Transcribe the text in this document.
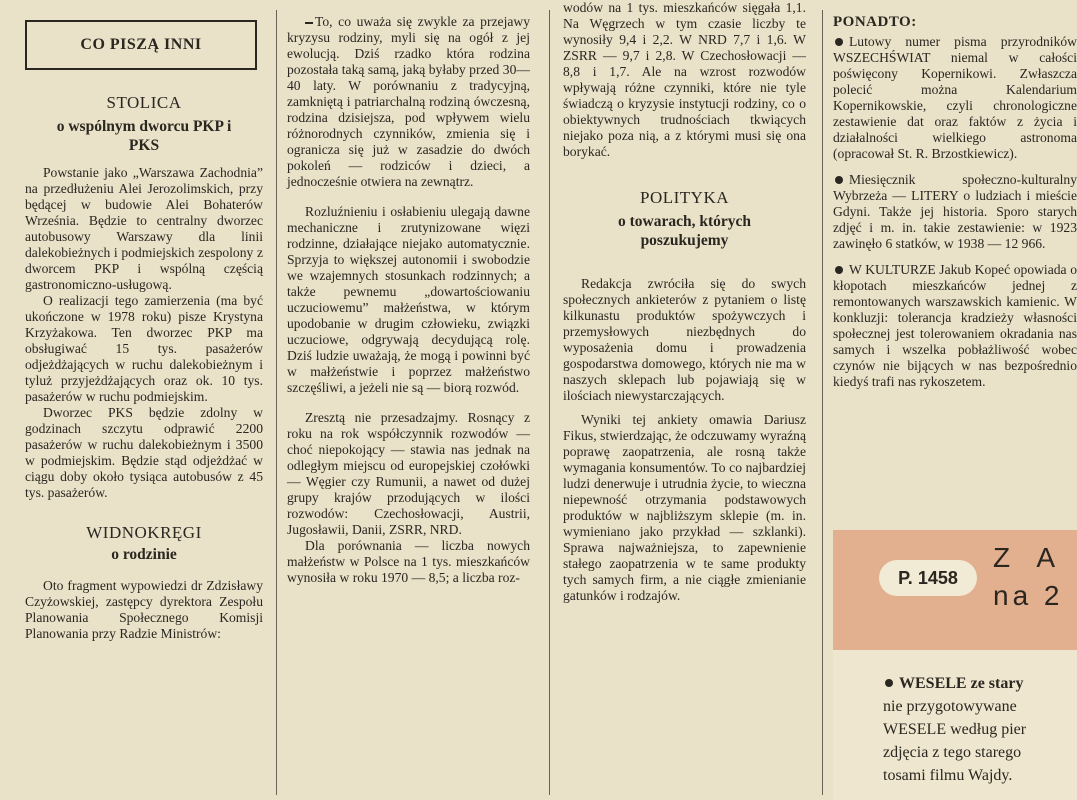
CO PISZĄ INNI
STOLICA
o wspólnym dworcu PKP i PKS

Powstanie jako „Warszawa Zachodnia” na przedłużeniu Alei Jerozolimskich, przy będącej w budowie Alei Bohaterów Września. Będzie to centralny dworzec autobusowy Warszawy dla linii dalekobieżnych i podmiejskich zespolony z dworcem PKP i wspólną częścią gastronomiczno-usługową.

O realizacji tego zamierzenia (ma być ukończone w 1978 roku) pisze Krystyna Krzyżakowa. Ten dworzec PKP ma obsługiwać 15 tys. pasażerów odjeżdżających w ruchu dalekobieżnym i tyluż przyjeżdżających oraz ok. 10 tys. pasażerów w ruchu podmiejskim.

Dworzec PKS będzie zdolny w godzinach szczytu odprawić 2200 pasażerów w ruchu dalekobieżnym i 3500 w podmiejskim. Będzie stąd odjeżdżać w ciągu doby około tysiąca autobusów z 45 tys. pasażerów.

WIDNOKRĘGI
o rodzinie

Oto fragment wypowiedzi dr Zdzisławy Czyżowskiej, zastępcy dyrektora Zespołu Planowania Społecznego Komisji Planowania przy Radzie Ministrów:

To, co uważa się zwykle za przejawy kryzysu rodziny, myli się na ogół z jej ewolucją. Dziś rzadko która rodzina pozostała taką samą, jaką byłaby przed 30—40 laty. W porównaniu z tradycyjną, zamkniętą i patriarchalną rodziną ówczesną, rodzina dzisiejsza, pod wpływem wielu różnorodnych czynników, zmienia się i ogranicza się już w zasadzie do dwóch pokoleń — rodziców i dzieci, a jednocześnie otwiera na zewnątrz.

Rozluźnieniu i osłabieniu ulegają dawne mechaniczne i zrutynizowane więzi rodzinne, działające niejako automatycznie. Sprzyja to większej autonomii i swobodzie we wzajemnych stosunkach rodzinnych; a także pewnemu „dowartościowaniu uczuciowemu” małżeństwa, w którym upodobanie w drugim człowieku, związki uczuciowe, odgrywają decydującą rolę. Dziś ludzie uważają, że mogą i powinni być w małżeństwie i poprzez małżeństwo szczęśliwi, a jeżeli nie są — biorą rozwód.

Zresztą nie przesadzajmy. Rosnący z roku na rok współczynnik rozwodów — choć niepokojący — stawia nas jednak na odległym miejscu od europejskiej czołówki — Węgier czy Rumunii, a nawet od dużej grupy krajów przodujących w ilości rozwodów: Czechosłowacji, Austrii, Jugosławii, Danii, ZSRR, NRD.

Dla porównania — liczba nowych małżeństw w Polsce na 1 tys. mieszkańców wynosiła w roku 1970 — 8,5; a liczba roz-

wodów na 1 tys. mieszkańców sięgała 1,1. Na Węgrzech w tym czasie liczby te wynosiły 9,4 i 2,2. W NRD 7,7 i 1,6. W ZSRR — 9,7 i 2,8. W Czechosłowacji — 8,8 i 1,7. Ale na wzrost rozwodów wpływają różne czynniki, które nie tyle świadczą o kryzysie instytucji rodziny, co o obiektywnych trudnościach tkwiących niejako poza nią, a z którymi musi się ona borykać.

POLITYKA
o towarach, których poszukujemy

Redakcja zwróciła się do swych społecznych ankieterów z pytaniem o listę kilkunastu produktów spożywczych i przemysłowych niezbędnych do wyposażenia domu i prowadzenia gospodarstwa domowego, których nie ma w naszych sklepach lub pojawiają się w ilościach niewystarczających.

Wyniki tej ankiety omawia Dariusz Fikus, stwierdzając, że odczuwamy wyraźną poprawę zaopatrzenia, ale rosną także wymagania konsumentów. To co najbardziej ludzi denerwuje i utrudnia życie, to wieczna niepewność otrzymania podstawowych produktów w najbliższym sklepie (m. in. wymieniano jako przykład — szklanki). Sprawa najważniejsza, to zapewnienie stałego zaopatrzenia w te same produkty tych samych firm, a nie ciągłe zmienianie gatunków i rodzajów.

PONADTO:

Lutowy numer pisma przyrodników WSZECHŚWIAT niemal w całości poświęcony Kopernikowi. Zwłaszcza polecić można Kalendarium Kopernikowskie, czyli chronologiczne zestawienie dat oraz faktów z życia i działalności wielkiego astronoma (opracował St. R. Brzostkiewicz).

Miesięcznik społeczno-kulturalny Wybrzeża — LITERY o ludziach i mieście Gdyni. Także jej historia. Sporo starych zdjęć i m. in. takie zestawienie: w 1923 zawinęło 6 statków, w 1938 — 12 966.

W KULTURZE Jakub Kopeć opowiada o kłopotach mieszkańców jednej z remontowanych warszawskich kamienic. W konkluzji: tolerancja kradzieży własności społecznej jest tolerowaniem okradania nas samych i wszelka pobłażliwość wobec czynów nie bijących w nas bezpośrednio kiedyś trafi nas rykoszetem.

P. 1458
Z A
na 2
WESELE ze stary
nie przygotowywane
WESELE według pier
zdjęcia z tego starego
tosami filmu Wajdy.
